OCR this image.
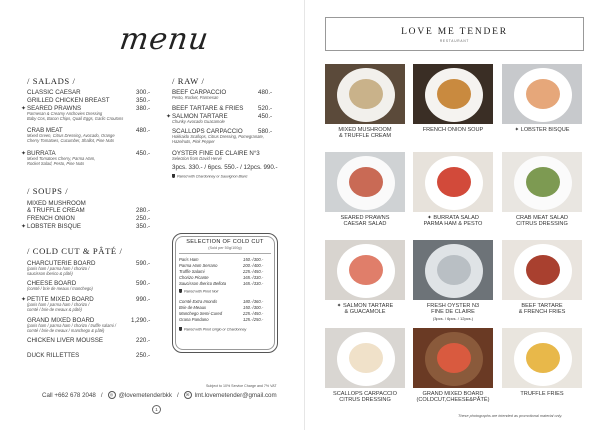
menu
/ SALADS /
CLASSIC CAESAR	300.-
GRILLED CHICKEN BREAST	350.-
✦ SEARED PRAWNS
Parmesan & Creamy Anchovies Dressing
Baby Cos, Bacon Chips, Quail Eggs, Garlic Croutons
380.-
CRAB MEAT
Mixed Green, Citrus Dressing, Avocado, Orange
Cherry Tomatoes, Cucumber, Shallot, Pine Nuts
480.-
✦ BURRATA
Mixed Tomatoes Cherry, Parma Ham,
Rocket Salad, Pesto, Pine Nuts
450.-
/ SOUPS /
MIXED MUSHROOM
& TRUFFLE CREAM	280.-
FRENCH ONION	250.-
✦ LOBSTER BISQUE	350.-
/ COLD CUT & PÂTÉ /
CHARCUTERIE BOARD
(paris ham / parma ham / chorizo /
saucisson iberico & pâté)
590.-
CHEESE BOARD
(comté / brie de meaux / manchego)
590.-
✦ PETITE MIXED BOARD
(paris ham / parma ham / chorizo /
comté / brie de meaux & pâté)
990.-
GRAND MIXED BOARD
(paris ham / parma ham / chorizo / truffle salami /
comté / brie de meaux / manchego & pâté)
1,290.-
CHICKEN LIVER MOUSSE	220.-
DUCK RILLETTES	250.-
/ RAW /
BEEF CARPACCIO
Pesto, Rocket, Parmesan
480.-
BEEF TARTARE & FRIES 520.-
✦ SALMON TARTARE
Chunky Avocado Guacamole
450.-
SCALLOPS CARPACCIO
Hokkaido Scallops, Citrus Dressing, Pomegranate,
Hazelnuts, Pink Pepper
580.-
OYSTER FINE DE CLAIRE N°3
Selection from David Hervé
3pcs. 330.- / 6pcs. 550.- / 12pcs. 990.-
Paired with Chardonnay or Sauvignon Blanc
SELECTION OF COLD CUT
(Sold per 50g/100g)
Paris Ham	150.-/300.-
Parma Ham Serrano	200.-/400.-
Truffle Salami	225.-/450.-
Chorizo Picante	165.-/330.-
Saucisson Iberico Bellota	165.-/330.-
Paired with Pinot Noir
Comté Extra Imonds	180.-/360.-
Brie de Meaux	150.-/300.-
Manchego Semi-Cured	225.-/450.-
Grana Pandano	125.-/250.-
Paired with Pinot Grigio or Chardonnay
Subject to 10% Service Charge and 7% VAT
Call +662 678 2048 /	◎ @lovemetenderbkk /	✉ lmt.lovemetender@gmail.com
1
LOVE ME TENDER
RESTAURANT
MIXED MUSHROOM
& TRUFFLE CREAM
FRENCH ONION SOUP	✦ LOBSTER BISQUE
SEARED PRAWNS
CAESAR SALAD
✦ BURRATA SALAD
PARMA HAM & PESTO
CRAB MEAT SALAD
CITRUS DRESSING
✦ SALMON TARTARE
& GUACAMOLE
FRESH OYSTER N3
FINE DE CLAIRE
(3pcs. / 6pcs. / 12pcs.)
BEEF TARTARE
& FRENCH FRIES
SCALLOPS CARPACCIO
CITRUS DRESSING
GRAND MIXED BOARD
(COLDCUT,CHEESE&PÂTÉ)
TRUFFLE FRIES
These photographs are intended as promotional material only.
